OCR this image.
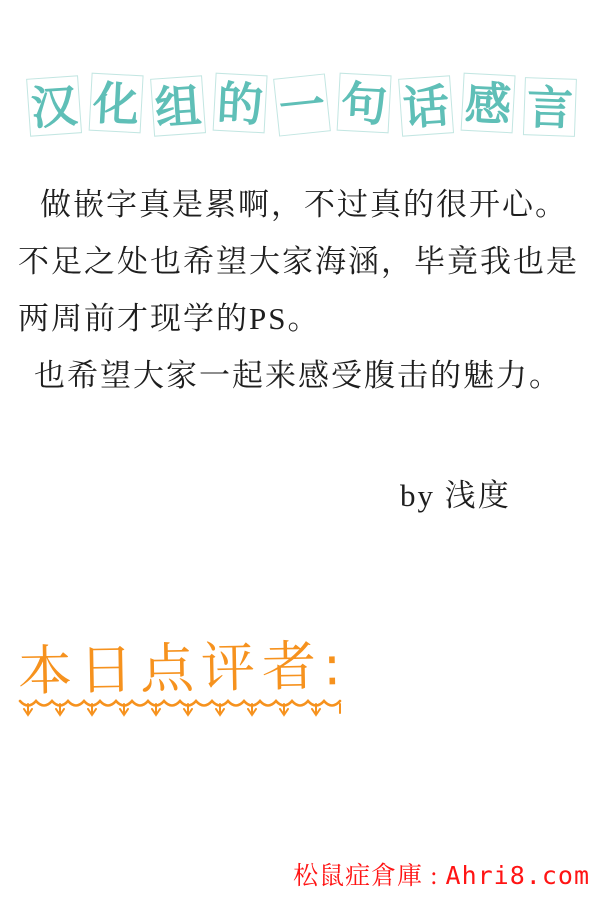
汉 化 组 的 一 句 话 感 言

做嵌字真是累啊，不过真的很开心。

不足之处也希望大家海涵，毕竟我也是

两周前才现学的PS。

也希望大家一起来感受腹击的魅力。

by 浅度
本日点评者:
松鼠症倉庫 : Ahri8.com
